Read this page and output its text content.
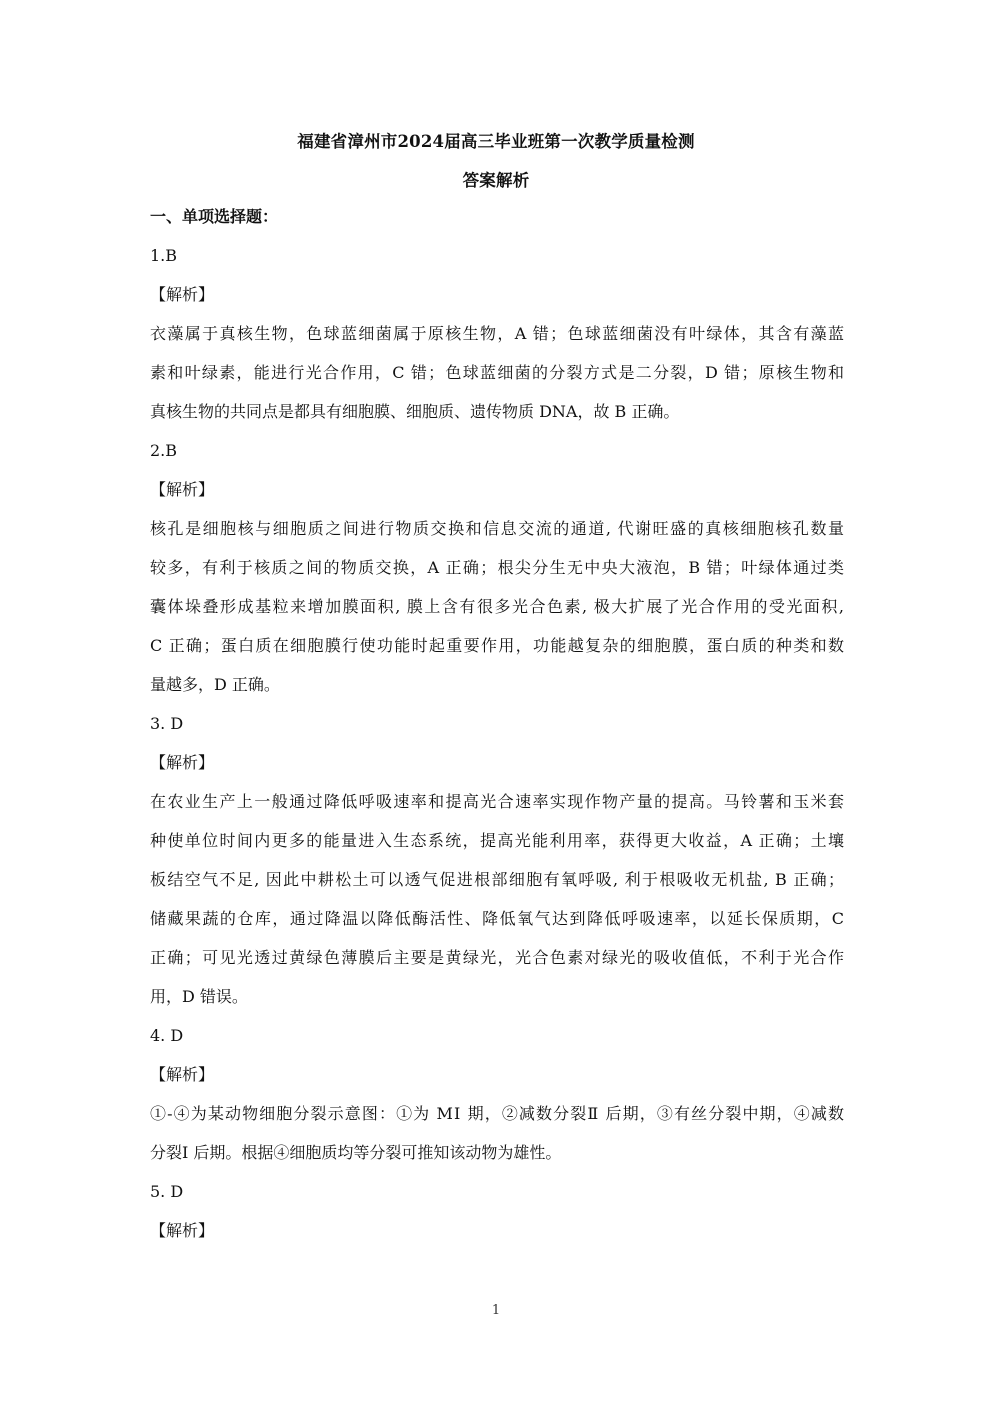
福建省漳州市2024届高三毕业班第一次教学质量检测
答案解析
一、单项选择题：
1.B
【解析】
衣藻属于真核生物，色球蓝细菌属于原核生物，A 错；色球蓝细菌没有叶绿体，其含有藻蓝
素和叶绿素，能进行光合作用，C 错；色球蓝细菌的分裂方式是二分裂，D 错；原核生物和
真核生物的共同点是都具有细胞膜、细胞质、遗传物质 DNA，故 B 正确。
2.B
【解析】
核孔是细胞核与细胞质之间进行物质交换和信息交流的通道, 代谢旺盛的真核细胞核孔数量
较多，有利于核质之间的物质交换，A 正确；根尖分生无中央大液泡，B 错；叶绿体通过类
囊体垛叠形成基粒来增加膜面积, 膜上含有很多光合色素, 极大扩展了光合作用的受光面积,
C 正确；蛋白质在细胞膜行使功能时起重要作用，功能越复杂的细胞膜，蛋白质的种类和数
量越多，D 正确。
3. D
【解析】
在农业生产上一般通过降低呼吸速率和提高光合速率实现作物产量的提高。马铃薯和玉米套
种使单位时间内更多的能量进入生态系统，提高光能利用率，获得更大收益，A 正确；土壤
板结空气不足, 因此中耕松土可以透气促进根部细胞有氧呼吸, 利于根吸收无机盐, B 正确；
储藏果蔬的仓库，通过降温以降低酶活性、降低氧气达到降低呼吸速率，以延长保质期，C
正确；可见光透过黄绿色薄膜后主要是黄绿光，光合色素对绿光的吸收值低，不利于光合作
用，D 错误。
4. D
【解析】
①-④为某动物细胞分裂示意图：①为 MⅠ 期，②减数分裂Ⅱ 后期，③有丝分裂中期，④减数
分裂Ⅰ 后期。根据④细胞质均等分裂可推知该动物为雄性。
5. D
【解析】
1
